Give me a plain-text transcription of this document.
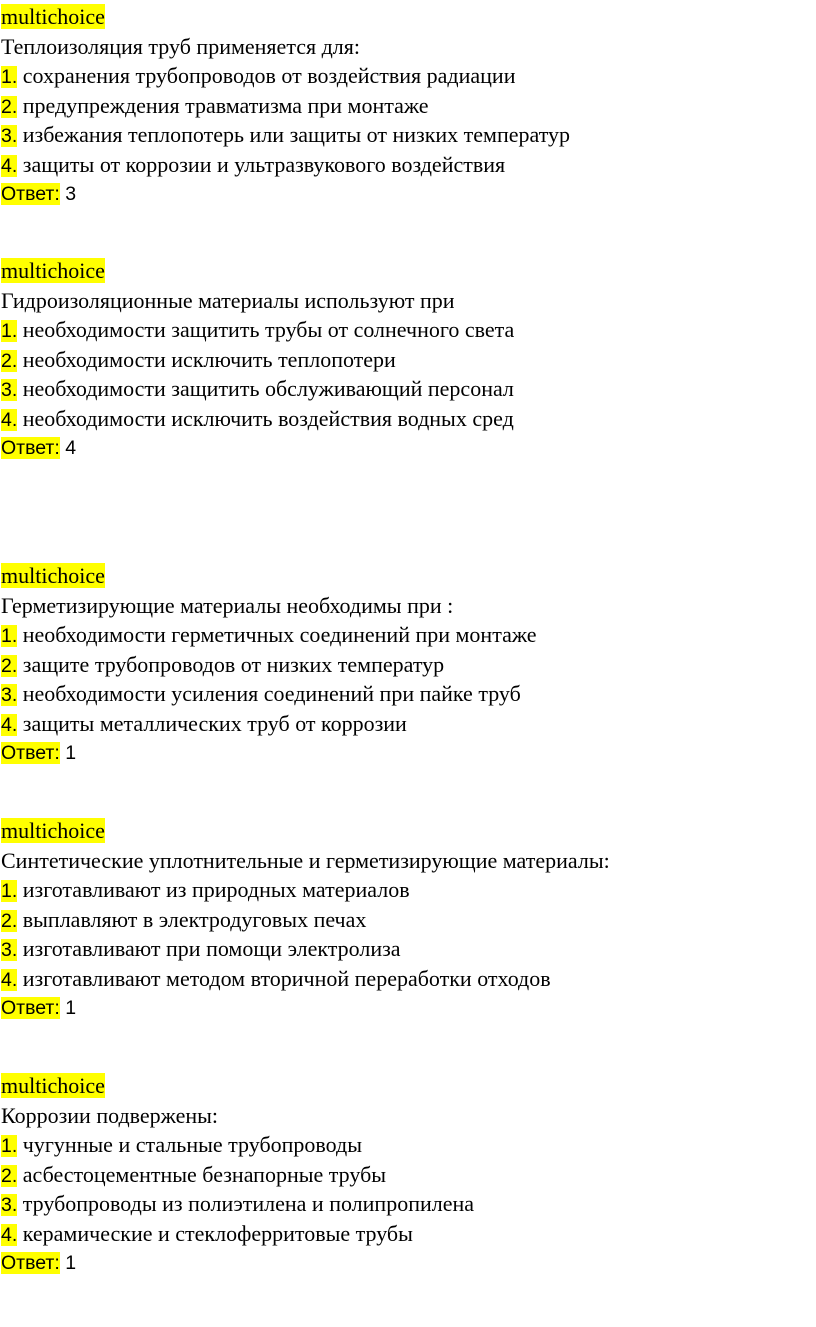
multichoice
Теплоизоляция труб применяется для:
1. сохранения трубопроводов от воздействия радиации
2. предупреждения травматизма при монтаже
3. избежания теплопотерь или защиты от низких температур
4. защиты от коррозии и ультразвукового воздействия
Ответ: 3
multichoice
Гидроизоляционные материалы используют при
1. необходимости защитить трубы от солнечного света
2. необходимости исключить теплопотери
3. необходимости защитить обслуживающий персонал
4. необходимости исключить воздействия водных сред
Ответ: 4
multichoice
Герметизирующие материалы необходимы при :
1. необходимости герметичных соединений при монтаже
2. защите трубопроводов от низких температур
3. необходимости усиления соединений при пайке труб
4. защиты металлических труб от коррозии
Ответ: 1
multichoice
Синтетические уплотнительные и герметизирующие материалы:
1. изготавливают из природных материалов
2. выплавляют в электродуговых печах
3. изготавливают при помощи электролиза
4. изготавливают методом вторичной переработки отходов
Ответ: 1
multichoice
Коррозии подвержены:
1. чугунные и стальные трубопроводы
2. асбестоцементные безнапорные трубы
3. трубопроводы из полиэтилена и полипропилена
4. керамические и стеклоферритовые трубы
Ответ: 1
